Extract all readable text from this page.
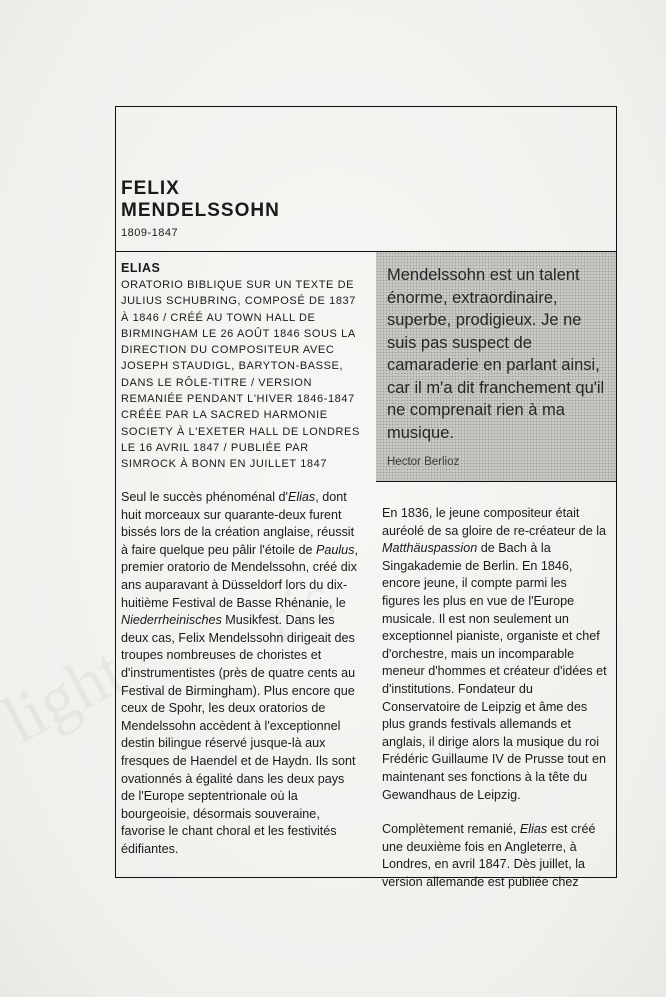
FELIX
MENDELSSOHN
1809-1847
ELIAS
ORATORIO BIBLIQUE SUR UN TEXTE DE JULIUS SCHUBRING, COMPOSÉ DE 1837 À 1846 / CRÉÉ AU TOWN HALL DE BIRMINGHAM LE 26 AOÛT 1846 SOUS LA DIRECTION DU COMPOSITEUR AVEC JOSEPH STAUDIGL, BARYTON-BASSE, DANS LE RÔLE-TITRE / VERSION REMANIÉE PENDANT L'HIVER 1846-1847 CRÉÉE PAR LA SACRED HARMONIE SOCIETY À L'EXETER HALL DE LONDRES LE 16 AVRIL 1847 / PUBLIÉE PAR SIMROCK À BONN EN JUILLET 1847
Mendelssohn est un talent énorme, extraordinaire, superbe, prodigieux. Je ne suis pas suspect de camaraderie en parlant ainsi, car il m'a dit franchement qu'il ne comprenait rien à ma musique.
Hector Berlioz

Seul le succès phénoménal d'Elias, dont huit morceaux sur quarante-deux furent bissés lors de la création anglaise, réussit à faire quelque peu pâlir l'étoile de Paulus, premier oratorio de Mendelssohn, créé dix ans auparavant à Düsseldorf lors du dix-huitième Festival de Basse Rhénanie, le Niederrheinisches Musikfest. Dans les deux cas, Felix Mendelssohn dirigeait des troupes nombreuses de choristes et d'instrumentistes (près de quatre cents au Festival de Birmingham). Plus encore que ceux de Spohr, les deux oratorios de Mendelssohn accèdent à l'exceptionnel destin bilingue réservé jusque-là aux fresques de Haendel et de Haydn. Ils sont ovationnés à égalité dans les deux pays de l'Europe septentrionale où la bourgeoisie, désormais souveraine, favorise le chant choral et les festivités édifiantes.

En 1836, le jeune compositeur était auréolé de sa gloire de re-créateur de la Matthäuspassion de Bach à la Singakademie de Berlin. En 1846, encore jeune, il compte parmi les figures les plus en vue de l'Europe musicale. Il est non seulement un exceptionnel pianiste, organiste et chef d'orchestre, mais un incomparable meneur d'hommes et créateur d'idées et d'institutions. Fondateur du Conservatoire de Leipzig et âme des plus grands festivals allemands et anglais, il dirige alors la musique du roi Frédéric Guillaume IV de Prusse tout en maintenant ses fonctions à la tête du Gewandhaus de Leipzig.

Complètement remanié, Elias est créé une deuxième fois en Angleterre, à Londres, en avril 1847. Dès juillet, la version allemande est publiée chez
